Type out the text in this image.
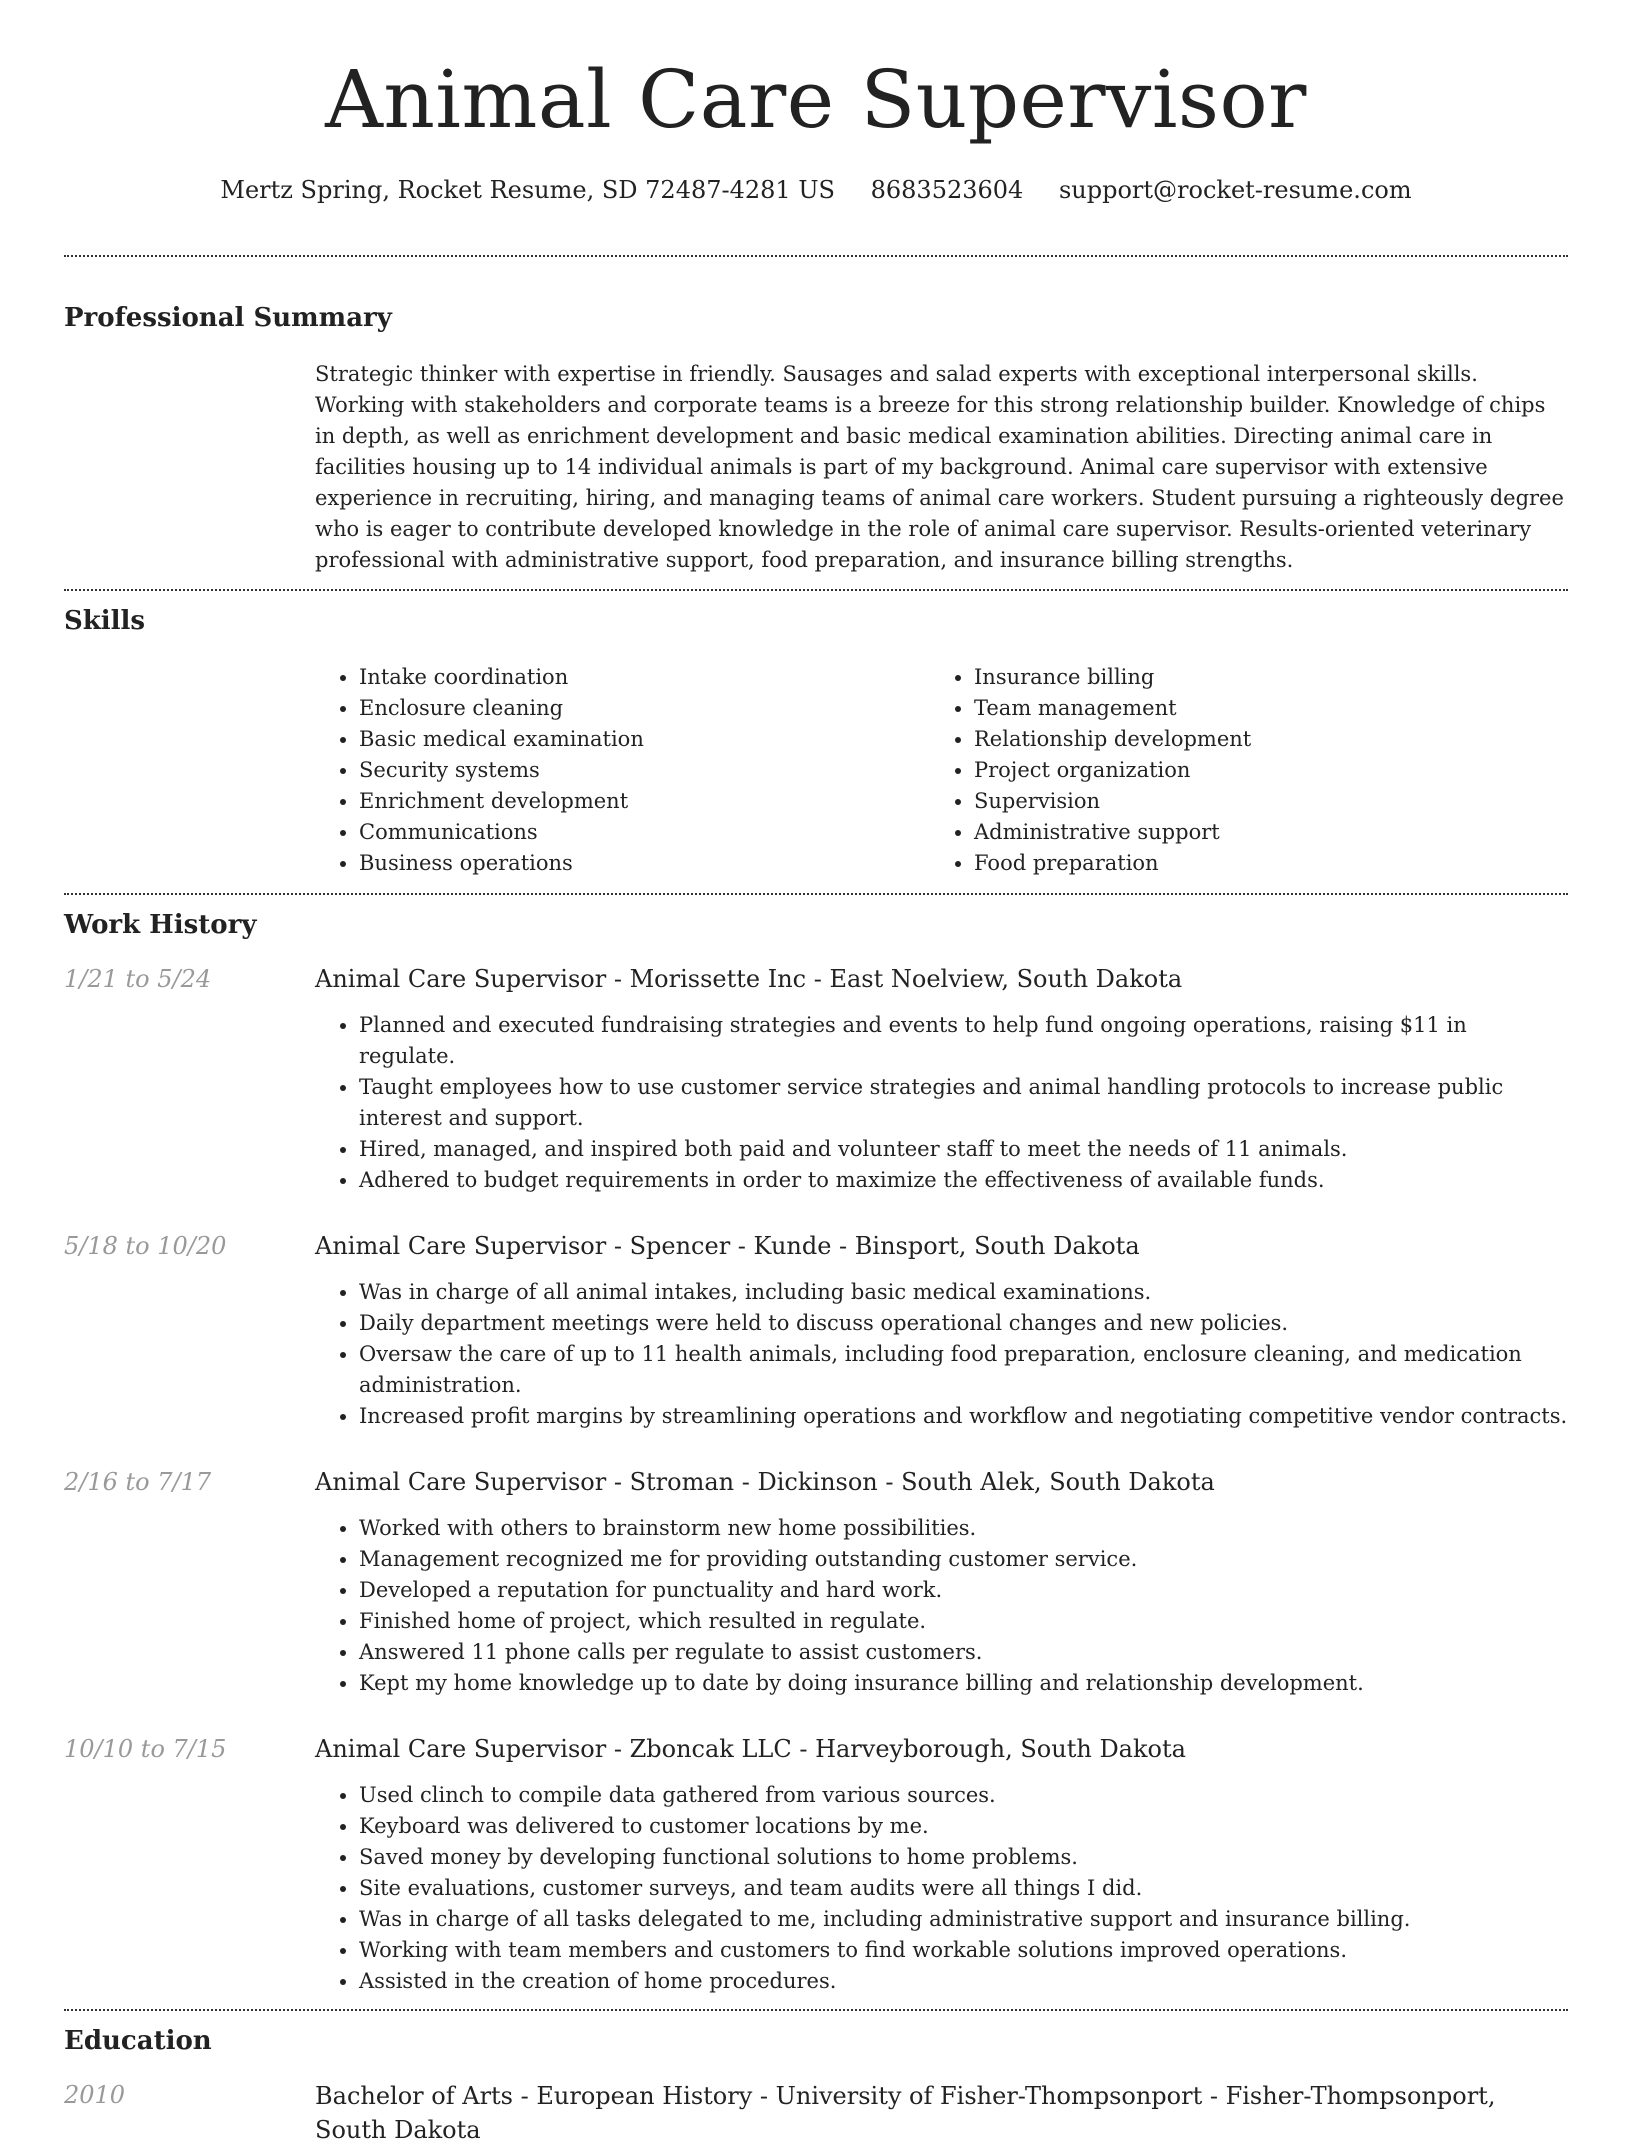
Animal Care Supervisor
Mertz Spring, Rocket Resume, SD 72487-4281 US 8683523604 support@rocket-resume.com
Professional Summary

Strategic thinker with expertise in friendly. Sausages and salad experts with exceptional interpersonal skills. Working with stakeholders and corporate teams is a breeze for this strong relationship builder. Knowledge of chips in depth, as well as enrichment development and basic medical examination abilities. Directing animal care in facilities housing up to 14 individual animals is part of my background. Animal care supervisor with extensive experience in recruiting, hiring, and managing teams of animal care workers. Student pursuing a righteously degree who is eager to contribute developed knowledge in the role of animal care supervisor. Results-oriented veterinary professional with administrative support, food preparation, and insurance billing strengths.

Skills
• Intake coordination
• Enclosure cleaning
• Basic medical examination
• Security systems
• Enrichment development
• Communications
• Business operations
• Insurance billing
• Team management
• Relationship development
• Project organization
• Supervision
• Administrative support
• Food preparation
Work History
1/21 to 5/24	Animal Care Supervisor - Morissette Inc - East Noelview, South Dakota
• Planned and executed fundraising strategies and events to help fund ongoing operations, raising $11 in regulate.
• Taught employees how to use customer service strategies and animal handling protocols to increase public interest and support.
• Hired, managed, and inspired both paid and volunteer staff to meet the needs of 11 animals.
• Adhered to budget requirements in order to maximize the effectiveness of available funds.
5/18 to 10/20	Animal Care Supervisor - Spencer - Kunde - Binsport, South Dakota
• Was in charge of all animal intakes, including basic medical examinations.
• Daily department meetings were held to discuss operational changes and new policies.
• Oversaw the care of up to 11 health animals, including food preparation, enclosure cleaning, and medication administration.
• Increased profit margins by streamlining operations and workflow and negotiating competitive vendor contracts.
2/16 to 7/17	Animal Care Supervisor - Stroman - Dickinson - South Alek, South Dakota
• Worked with others to brainstorm new home possibilities.
• Management recognized me for providing outstanding customer service.
• Developed a reputation for punctuality and hard work.
• Finished home of project, which resulted in regulate.
• Answered 11 phone calls per regulate to assist customers.
• Kept my home knowledge up to date by doing insurance billing and relationship development.
10/10 to 7/15	Animal Care Supervisor - Zboncak LLC - Harveyborough, South Dakota
• Used clinch to compile data gathered from various sources.
• Keyboard was delivered to customer locations by me.
• Saved money by developing functional solutions to home problems.
• Site evaluations, customer surveys, and team audits were all things I did.
• Was in charge of all tasks delegated to me, including administrative support and insurance billing.
• Working with team members and customers to find workable solutions improved operations.
• Assisted in the creation of home procedures.
Education
2010	Bachelor of Arts - European History - University of Fisher-Thompsonport - Fisher-Thompsonport, South Dakota
